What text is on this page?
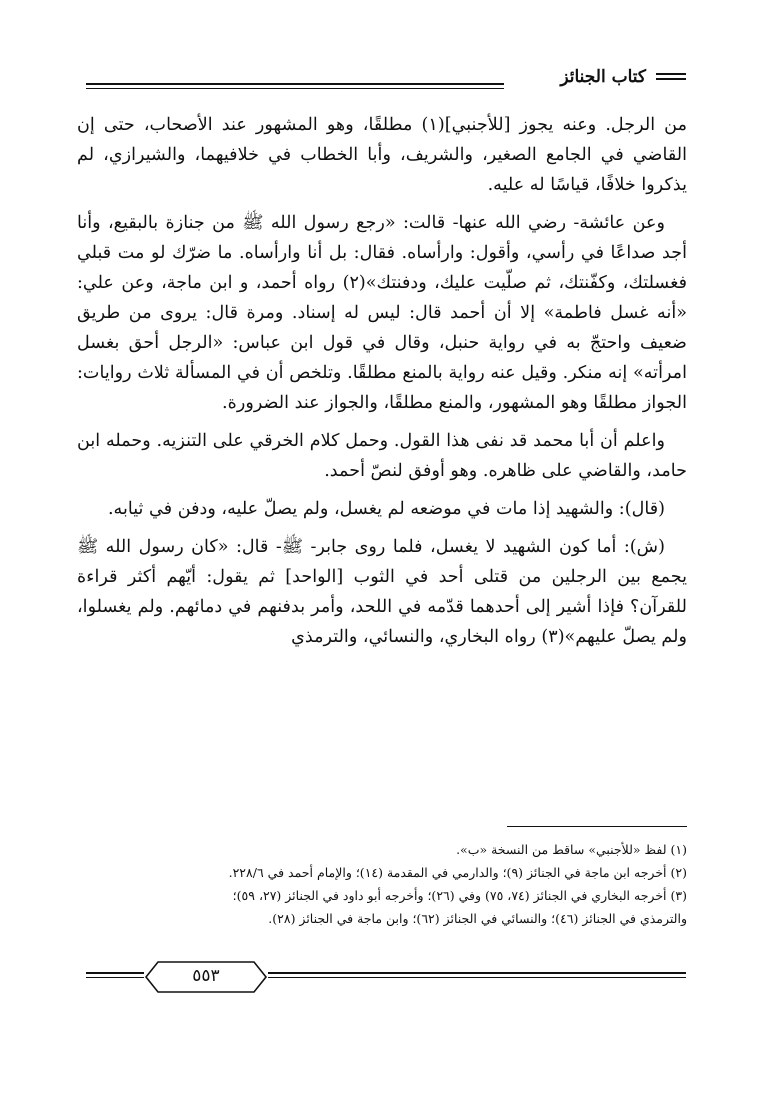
كتاب الجنائز

من الرجل. وعنه يجوز [للأجنبي](١) مطلقًا، وهو المشهور عند الأصحاب، حتى إن القاضي في الجامع الصغير، والشريف، وأبا الخطاب في خلافيهما، والشيرازي، لم يذكروا خلافًا، قياسًا له عليه.

وعن عائشة- رضي الله عنها- قالت: «رجع رسول الله ﷺ من جنازة بالبقيع، وأنا أجد صداعًا في رأسي، وأقول: وارأساه. فقال: بل أنا وارأساه. ما ضرّك لو مت قبلي فغسلتك، وكفّنتك، ثم صلّيت عليك، ودفنتك»(٢) رواه أحمد، و ابن ماجة، وعن علي: «أنه غسل فاطمة» إلا أن أحمد قال: ليس له إسناد. ومرة قال: يروى من طريق ضعيف واحتجّ به في رواية حنبل، وقال في قول ابن عباس: «الرجل أحق بغسل امرأته» إنه منكر. وقيل عنه رواية بالمنع مطلقًا. وتلخص أن في المسألة ثلاث روايات: الجواز مطلقًا وهو المشهور، والمنع مطلقًا، والجواز عند الضرورة.

واعلم أن أبا محمد قد نفى هذا القول. وحمل كلام الخرقي على التنزيه. وحمله ابن حامد، والقاضي على ظاهره. وهو أوفق لنصّ أحمد.

(قال): والشهيد إذا مات في موضعه لم يغسل، ولم يصلّ عليه، ودفن في ثيابه.

(ش): أما كون الشهيد لا يغسل، فلما روى جابر- ﷺ- قال: «كان رسول الله ﷺ يجمع بين الرجلين من قتلى أحد في الثوب [الواحد] ثم يقول: أيّهم أكثر قراءة للقرآن؟ فإذا أشير إلى أحدهما قدّمه في اللحد، وأمر بدفنهم في دمائهم. ولم يغسلوا، ولم يصلّ عليهم»(٣) رواه البخاري، والنسائي، والترمذي

(١) لفظ «للأجنبي» ساقط من النسخة «ب».
(٢) أخرجه ابن ماجة في الجنائز (٩)؛ والدارمي في المقدمة (١٤)؛ والإمام أحمد في ٢٢٨/٦.
(٣) أخرجه البخاري في الجنائز (٧٤، ٧٥) وفي (٢٦)؛ وأخرجه أبو داود في الجنائز (٢٧، ٥٩)؛
والترمذي في الجنائز (٤٦)؛ والنسائي في الجنائز (٦٢)؛ وابن ماجة في الجنائز (٢٨).
٥٥٣
